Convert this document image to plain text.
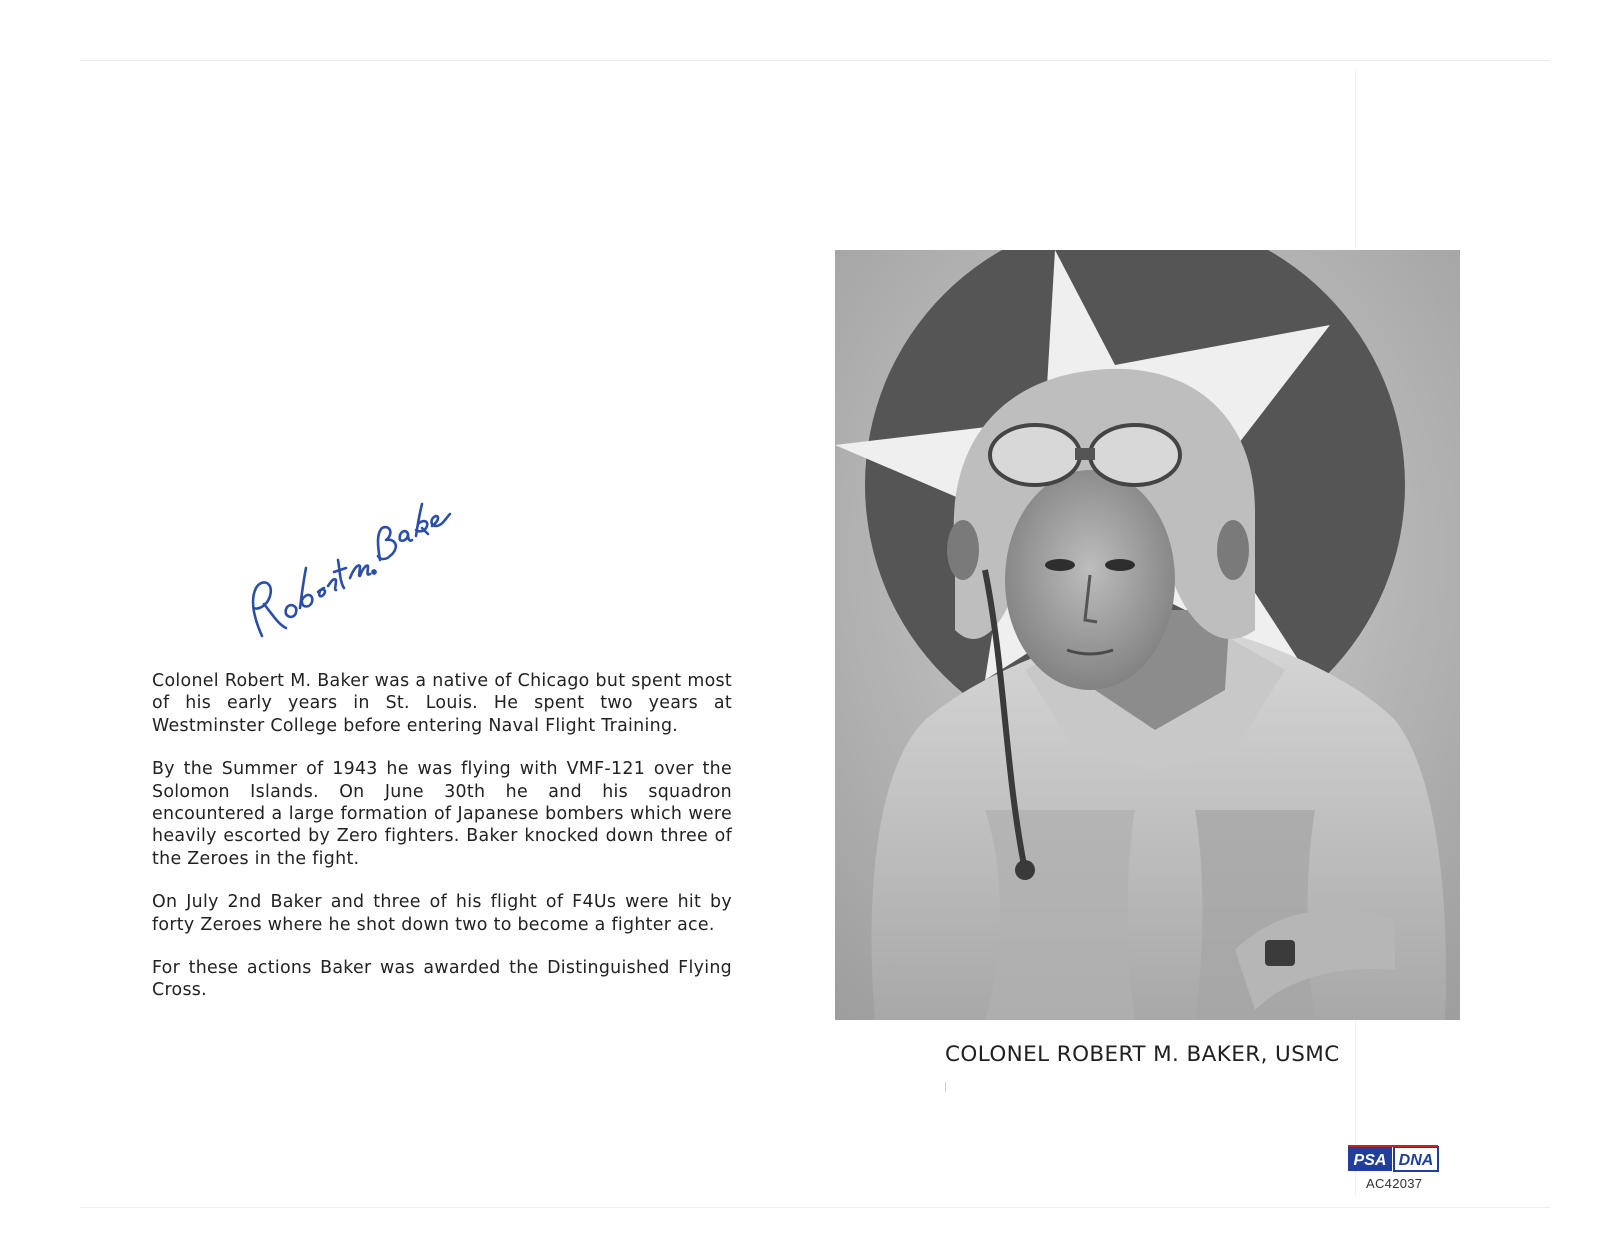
Colonel Robert M. Baker was a native of Chicago but spent most of his early years in St. Louis. He spent two years at Westminster College before entering Naval Flight Training.

By the Summer of 1943 he was flying with VMF-121 over the Solomon Islands. On June 30th he and his squadron encountered a large formation of Japanese bombers which were heavily escorted by Zero fighters. Baker knocked down three of the Zeroes in the fight.

On July 2nd Baker and three of his flight of F4Us were hit by forty Zeroes where he shot down two to become a fighter ace.

For these actions Baker was awarded the Distinguished Flying Cross.

COLONEL ROBERT M. BAKER, USMC
PSA DNA
AC42037
